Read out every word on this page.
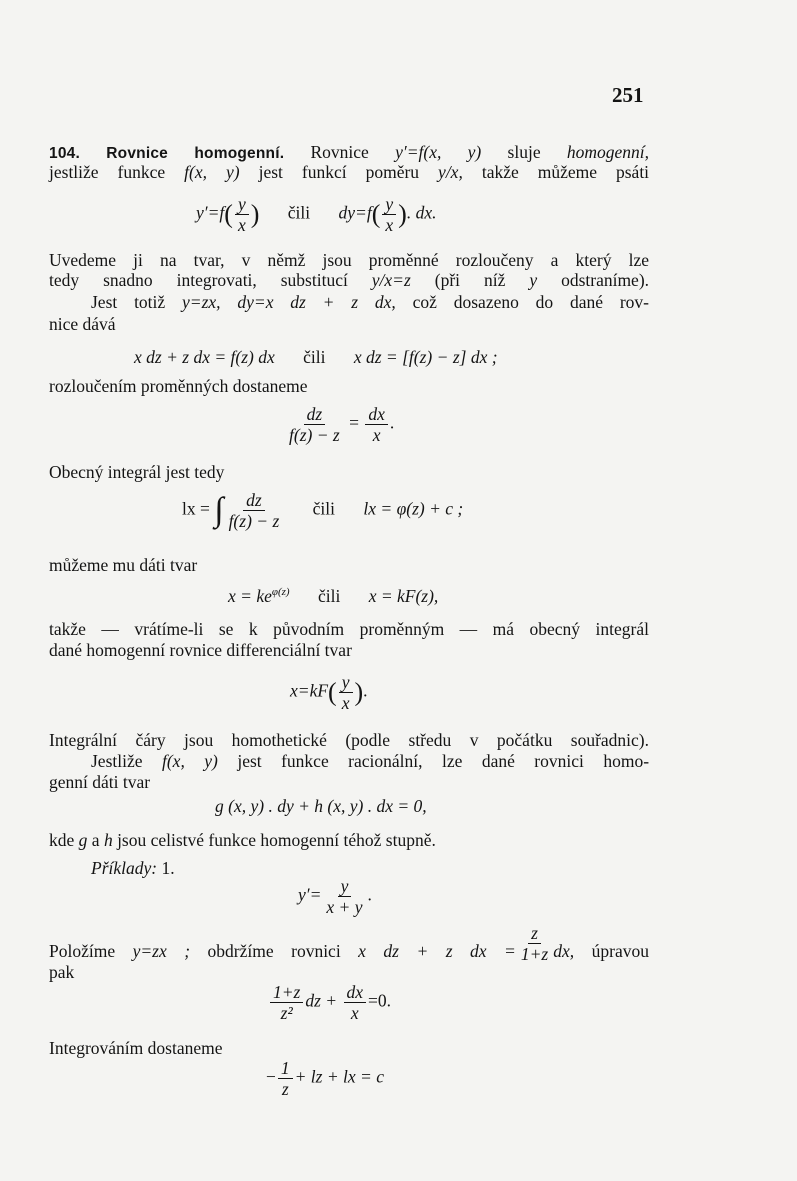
251
104. Rovnice homogenní. Rovnice y′=f(x, y) sluje homogenní,
jestliže funkce f(x, y) jest funkcí poměru y/x, takže můžeme psáti
$y'=f( \frac{y}{x}$ ) čili $dy=f( \frac{y}{x}$ ). dx.
Uvedeme ji na tvar, v němž jsou proměnné rozloučeny a který lze
tedy snadno integrovati, substitucí y/x=z (při níž y odstraníme).
Jest totiž y=zx, dy=x dz + z dx, což dosazeno do dané rov-
nice dává
x dz + z dx = f(z) dx čili x dz = [f(z) − z] dx ;
rozloučením proměnných dostaneme
$\frac{dz}{f(z) - z} = \frac{dx}{x}$ .
Obecný integrál jest tedy
lx = ∫ $\frac{dz}{f(z) - z}$ čili lx = φ(z) + c ;
můžeme mu dáti tvar
$x = ke^{\varphi(z)}$ čili x = kF(z),
takže — vrátíme-li se k původním proměnným — má obecný integrál
dané homogenní rovnice differenciální tvar
$x=kF( \frac{y}{x}$ ).
Integrální čáry jsou homothetické (podle středu v počátku souřadnic).
Jestliže f(x, y) jest funkce racionální, lze dané rovnici homo-
genní dáti tvar
g (x, y) . dy + h (x, y) . dx = 0,
kde g a h jsou celistvé funkce homogenní téhož stupně.
Příklady: 1.
$y'= \frac{y}{x + y}$ .
Položíme y=zx ; obdržíme rovnici x dz + z dx = $\frac{z}{1+z}$ dx, úpravou
pak
$\frac{1+z}{\text{z²}}$ dz + $\frac{dx}{x} =0$.
Integrováním dostaneme
− $\frac{1}{z}$ + lz + lx = c
